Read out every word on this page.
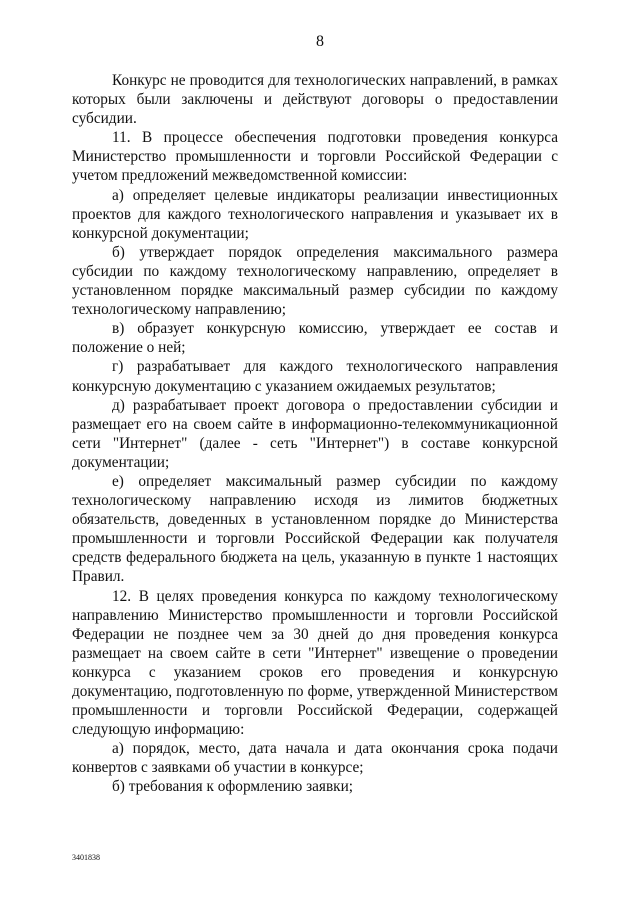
8

Конкурс не проводится для технологических направлений, в рамках которых были заключены и действуют договоры о предоставлении субсидии.

11. В процессе обеспечения подготовки проведения конкурса Министерство промышленности и торговли Российской Федерации с учетом предложений межведомственной комиссии:

а) определяет целевые индикаторы реализации инвестиционных проектов для каждого технологического направления и указывает их в конкурсной документации;

б) утверждает порядок определения максимального размера субсидии по каждому технологическому направлению, определяет в установленном порядке максимальный размер субсидии по каждому технологическому направлению;

в) образует конкурсную комиссию, утверждает ее состав и положение о ней;

г) разрабатывает для каждого технологического направления конкурсную документацию с указанием ожидаемых результатов;

д) разрабатывает проект договора о предоставлении субсидии и размещает его на своем сайте в информационно-телекоммуникационной сети "Интернет" (далее - сеть "Интернет") в составе конкурсной документации;

е) определяет максимальный размер субсидии по каждому технологическому направлению исходя из лимитов бюджетных обязательств, доведенных в установленном порядке до Министерства промышленности и торговли Российской Федерации как получателя средств федерального бюджета на цель, указанную в пункте 1 настоящих Правил.

12. В целях проведения конкурса по каждому технологическому направлению Министерство промышленности и торговли Российской Федерации не позднее чем за 30 дней до дня проведения конкурса размещает на своем сайте в сети "Интернет" извещение о проведении конкурса с указанием сроков его проведения и конкурсную документацию, подготовленную по форме, утвержденной Министерством промышленности и торговли Российской Федерации, содержащей следующую информацию:

а) порядок, место, дата начала и дата окончания срока подачи конвертов с заявками об участии в конкурсе;

б) требования к оформлению заявки;

3401838
